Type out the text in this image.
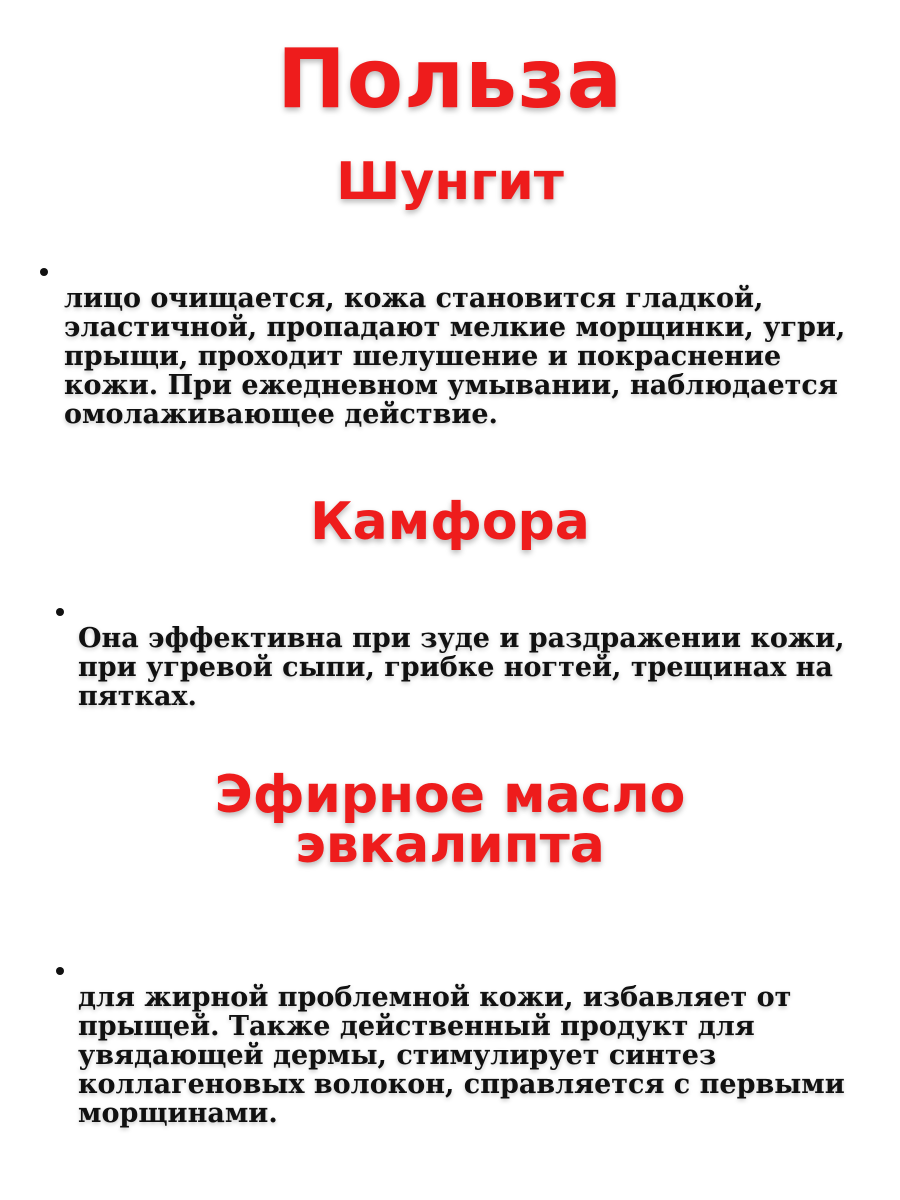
Польза
Шунгит

лицо очищается, кожа становится гладкой, эластичной, пропадают мелкие морщинки, угри, прыщи, проходит шелушение и покраснение кожи. При ежедневном умывании, наблюдается омолаживающее действие.

Камфора

Она эффективна при зуде и раздражении кожи, при угревой сыпи, грибке ногтей, трещинах на пятках.

Эфирное масло
эвкалипта

для жирной проблемной кожи, избавляет от прыщей. Также действенный продукт для увядающей дермы, стимулирует синтез коллагеновых волокон, справляется с первыми морщинами.
